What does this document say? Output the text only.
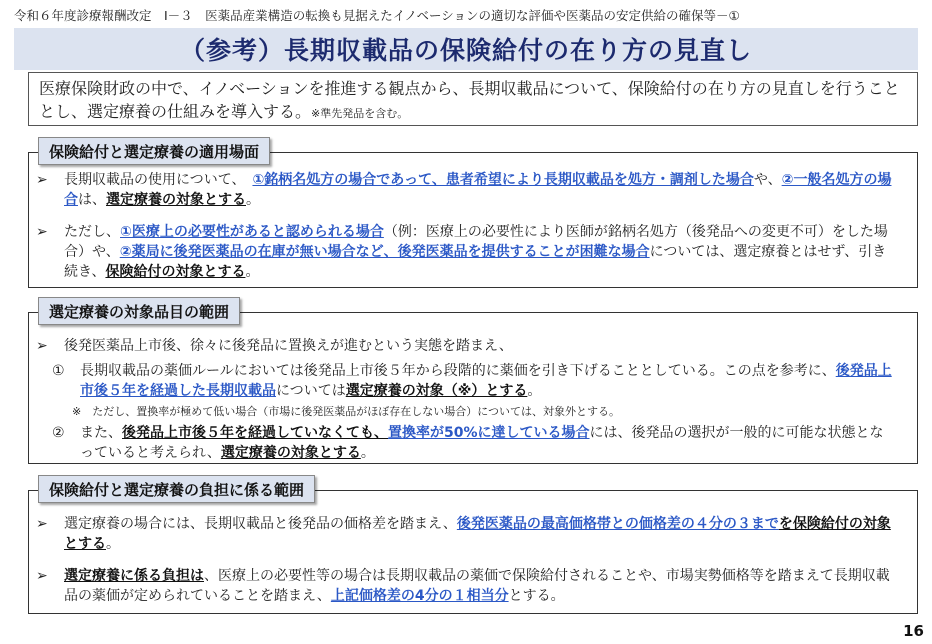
令和６年度診療報酬改定　Ⅰ－３　医薬品産業構造の転換も見据えたイノベーションの適切な評価や医薬品の安定供給の確保等－①
（参考）長期収載品の保険給付の在り方の見直し
医療保険財政の中で、イノベーションを推進する観点から、長期収載品について、保険給付の在り方の見直しを行うこととし、選定療養の仕組みを導入する。※準先発品を含む。
保険給付と選定療養の適用場面
➢ 長期収載品の使用について、　①銘柄名処方の場合であって、患者希望により長期収載品を処方・調剤した場合や、②一般名処方の場合は、選定療養の対象とする。
➢ ただし、①医療上の必要性があると認められる場合（例：医療上の必要性により医師が銘柄名処方（後発品への変更不可）をした場合）や、②薬局に後発医薬品の在庫が無い場合など、後発医薬品を提供することが困難な場合については、選定療養とはせず、引き続き、保険給付の対象とする。
選定療養の対象品目の範囲
➢ 後発医薬品上市後、徐々に後発品に置換えが進むという実態を踏まえ、
① 長期収載品の薬価ルールにおいては後発品上市後５年から段階的に薬価を引き下げることとしている。この点を参考に、後発品上市後５年を経過した長期収載品については選定療養の対象（※）とする。
※　ただし、置換率が極めて低い場合（市場に後発医薬品がほぼ存在しない場合）については、対象外とする。
② また、後発品上市後５年を経過していなくても、置換率が50%に達している場合には、後発品の選択が一般的に可能な状態となっていると考えられ、選定療養の対象とする。
保険給付と選定療養の負担に係る範囲
➢ 選定療養の場合には、長期収載品と後発品の価格差を踏まえ、後発医薬品の最高価格帯との価格差の４分の３までを保険給付の対象とする。
➢ 選定療養に係る負担は、医療上の必要性等の場合は長期収載品の薬価で保険給付されることや、市場実勢価格等を踏まえて長期収載品の薬価が定められていることを踏まえ、上記価格差の4分の１相当分とする。
16
